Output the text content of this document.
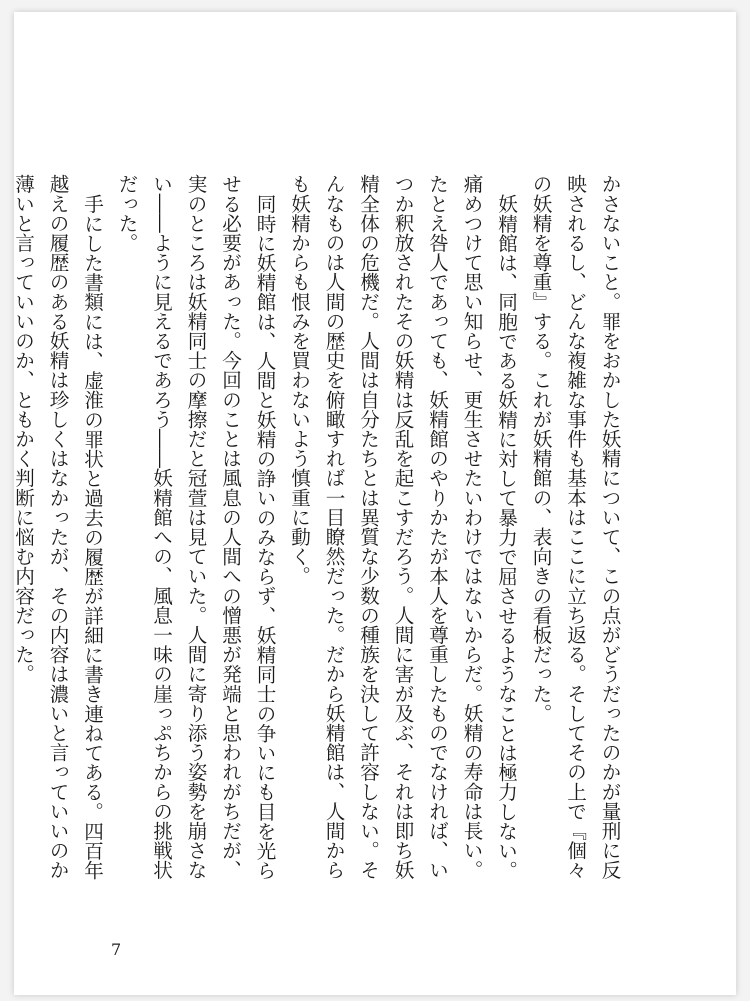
かさないこと。罪をおかした妖精について、この点がどうだったのかが量刑に反映されるし、どんな複雑な事件も基本はここに立ち返る。そしてその上で『個々の妖精を尊重』する。これが妖精館の、表向きの看板だった。

妖精館は、同胞である妖精に対して暴力で屈させるようなことは極力しない。痛めつけて思い知らせ、更生させたいわけではないからだ。妖精の寿命は長い。たとえ咎人であっても、妖精館のやりかたが本人を尊重したものでなければ、いつか釈放されたその妖精は反乱を起こすだろう。人間に害が及ぶ、それは即ち妖精全体の危機だ。人間は自分たちとは異質な少数の種族を決して許容しない。そんなものは人間の歴史を俯瞰すれば一目瞭然だった。だから妖精館は、人間からも妖精からも恨みを買わないよう慎重に動く。

同時に妖精館は、人間と妖精の諍いのみならず、妖精同士の争いにも目を光らせる必要があった。今回のことは風息の人間への憎悪が発端と思われがちだが、実のところは妖精同士の摩擦だと冠萱は見ていた。人間に寄り添う姿勢を崩さない――ように見えるであろう――妖精館への、風息一味の崖っぷちからの挑戦状だった。

手にした書類には、虚淮の罪状と過去の履歴が詳細に書き連ねてある。四百年越えの履歴のある妖精は珍しくはなかったが、その内容は濃いと言っていいのか薄いと言っていいのか、ともかく判断に悩む内容だった。

7
